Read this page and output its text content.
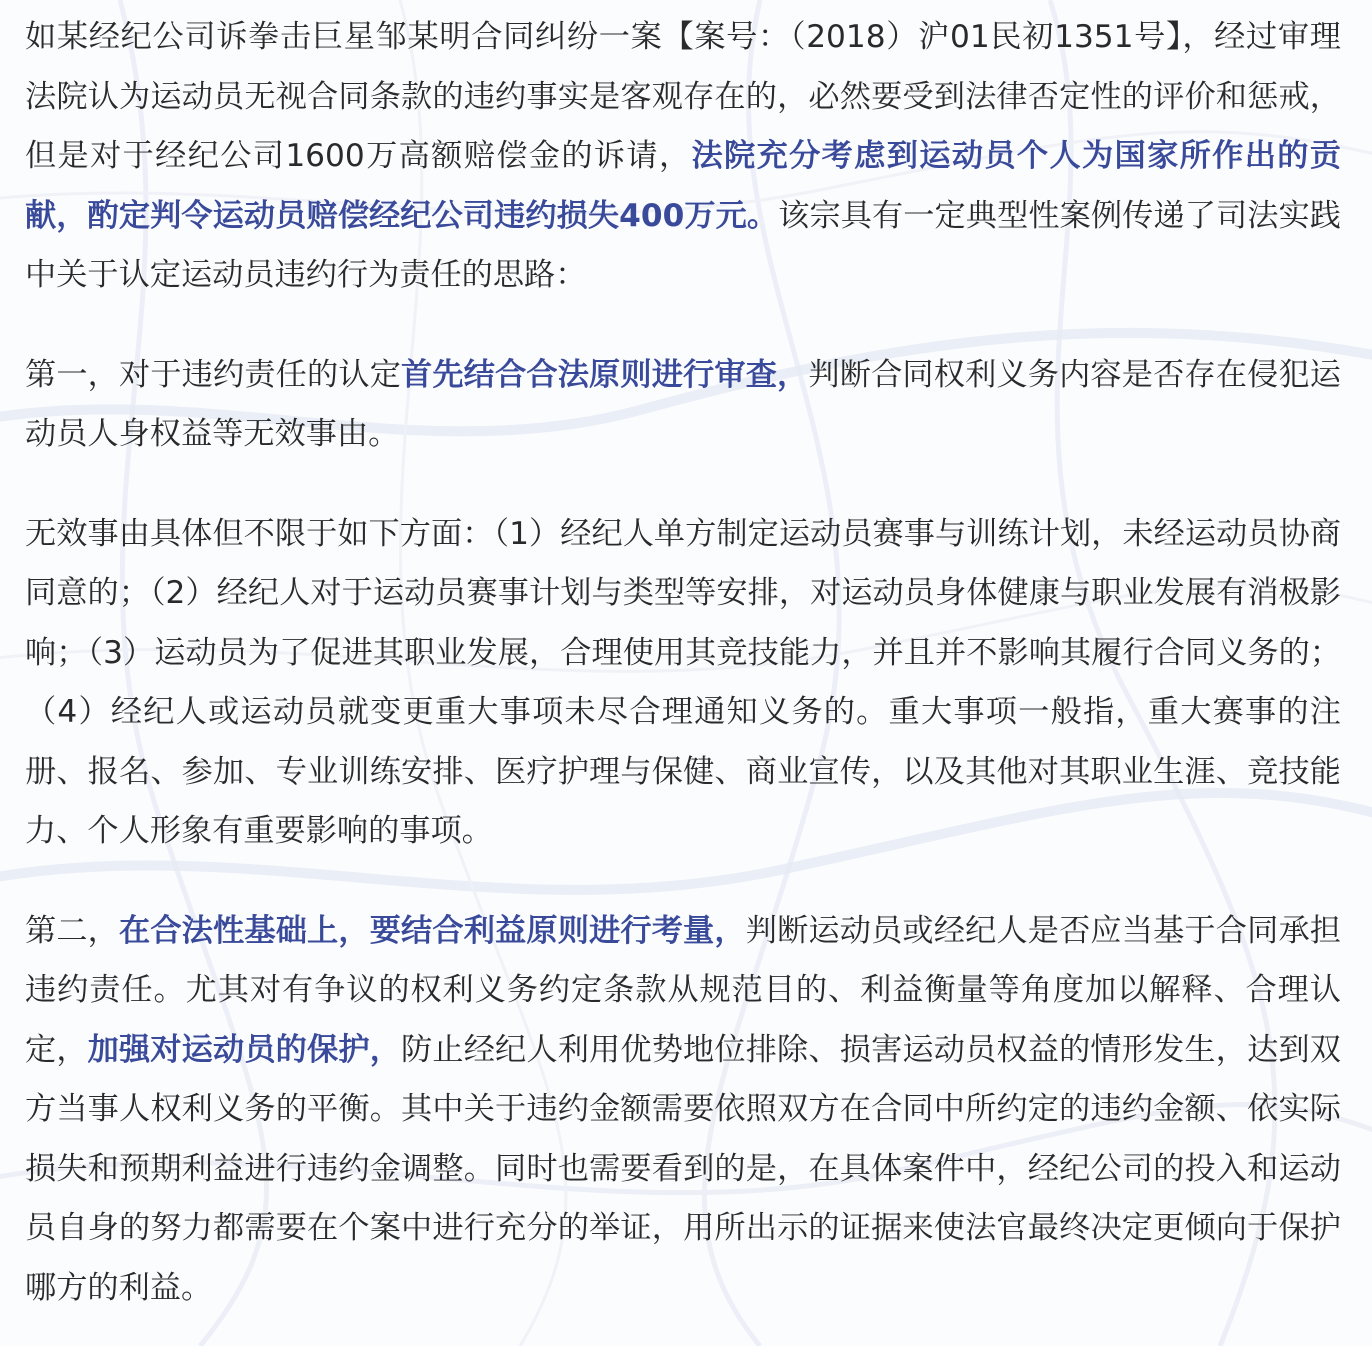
如某经纪公司诉拳击巨星邹某明合同纠纷一案【案号：（2018）沪01民初1351号】，经过审理法院认为运动员无视合同条款的违约事实是客观存在的，必然要受到法律否定性的评价和惩戒，但是对于经纪公司1600万高额赔偿金的诉请，法院充分考虑到运动员个人为国家所作出的贡献，酌定判令运动员赔偿经纪公司违约损失400万元。该宗具有一定典型性案例传递了司法实践中关于认定运动员违约行为责任的思路：

第一，对于违约责任的认定首先结合合法原则进行审查，判断合同权利义务内容是否存在侵犯运动员人身权益等无效事由。

无效事由具体但不限于如下方面：（1）经纪人单方制定运动员赛事与训练计划，未经运动员协商同意的；（2）经纪人对于运动员赛事计划与类型等安排，对运动员身体健康与职业发展有消极影响；（3）运动员为了促进其职业发展，合理使用其竞技能力，并且并不影响其履行合同义务的；（4）经纪人或运动员就变更重大事项未尽合理通知义务的。重大事项一般指，重大赛事的注册、报名、参加、专业训练安排、医疗护理与保健、商业宣传，以及其他对其职业生涯、竞技能力、个人形象有重要影响的事项。

第二，在合法性基础上，要结合利益原则进行考量，判断运动员或经纪人是否应当基于合同承担违约责任。尤其对有争议的权利义务约定条款从规范目的、利益衡量等角度加以解释、合理认定，加强对运动员的保护，防止经纪人利用优势地位排除、损害运动员权益的情形发生，达到双方当事人权利义务的平衡。其中关于违约金额需要依照双方在合同中所约定的违约金额、依实际损失和预期利益进行违约金调整。同时也需要看到的是，在具体案件中，经纪公司的投入和运动员自身的努力都需要在个案中进行充分的举证，用所出示的证据来使法官最终决定更倾向于保护哪方的利益。
